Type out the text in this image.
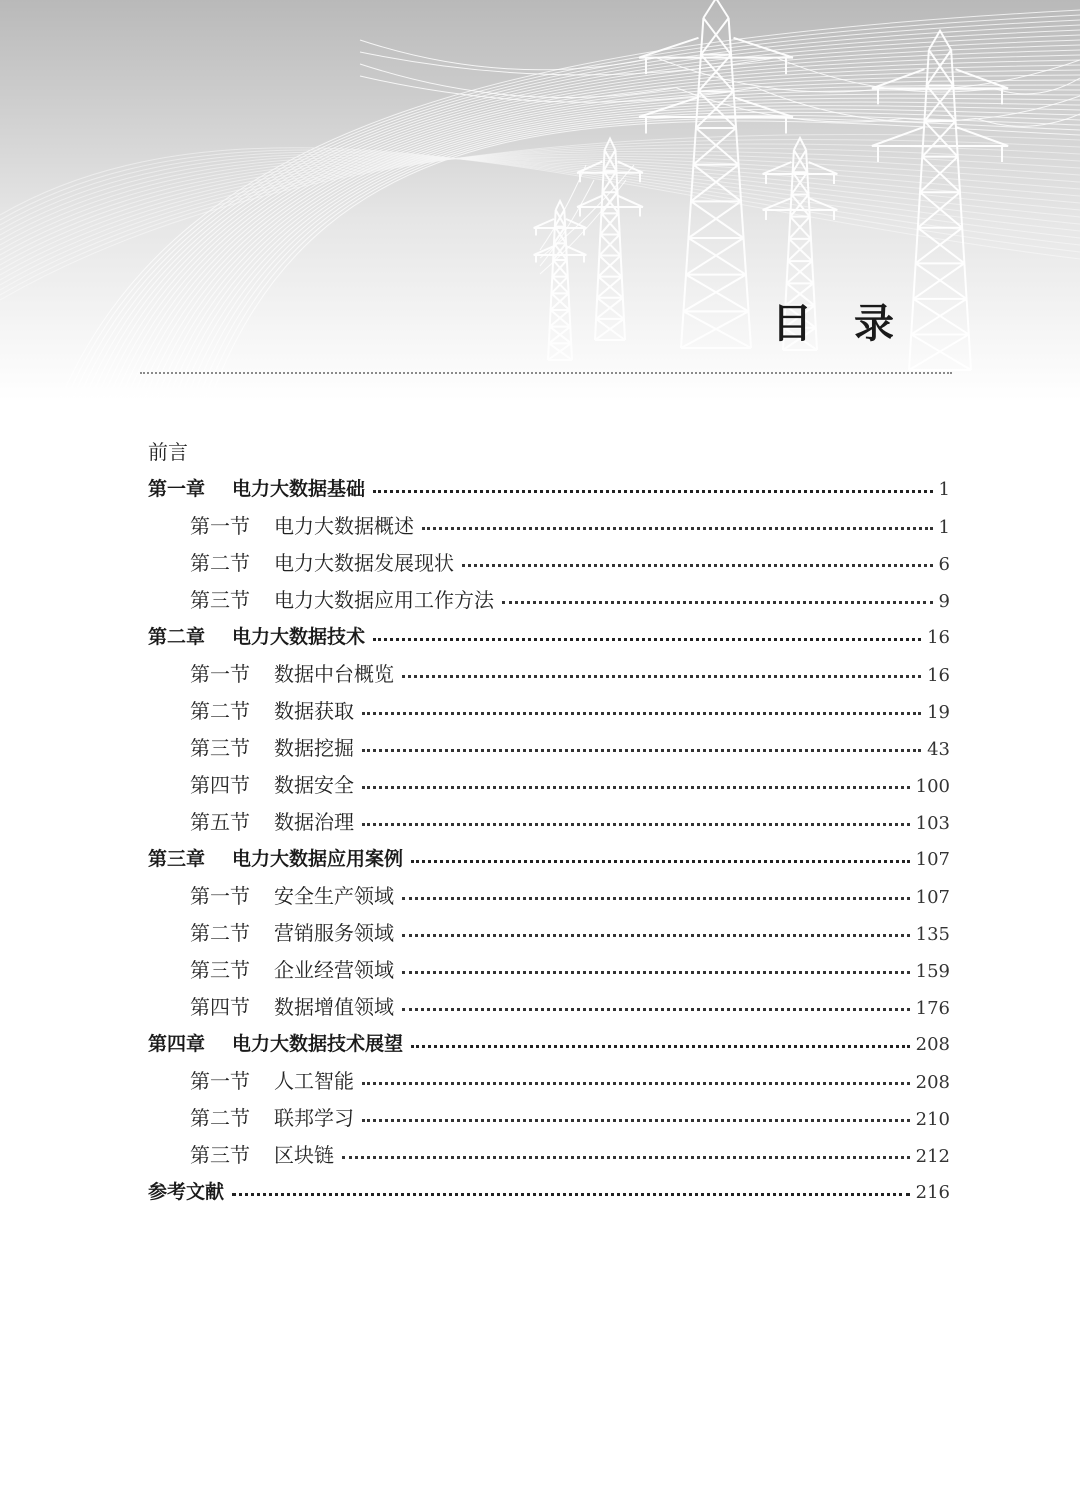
目 录
前言
第一章	电力大数据基础	1
第一节	电力大数据概述	1
第二节	电力大数据发展现状	6
第三节	电力大数据应用工作方法	9
第二章	电力大数据技术	16
第一节	数据中台概览	16
第二节	数据获取	19
第三节	数据挖掘	43
第四节	数据安全	100
第五节	数据治理	103
第三章	电力大数据应用案例	107
第一节	安全生产领域	107
第二节	营销服务领域	135
第三节	企业经营领域	159
第四节	数据增值领域	176
第四章	电力大数据技术展望	208
第一节	人工智能	208
第二节	联邦学习	210
第三节	区块链	212
参考文献	216
